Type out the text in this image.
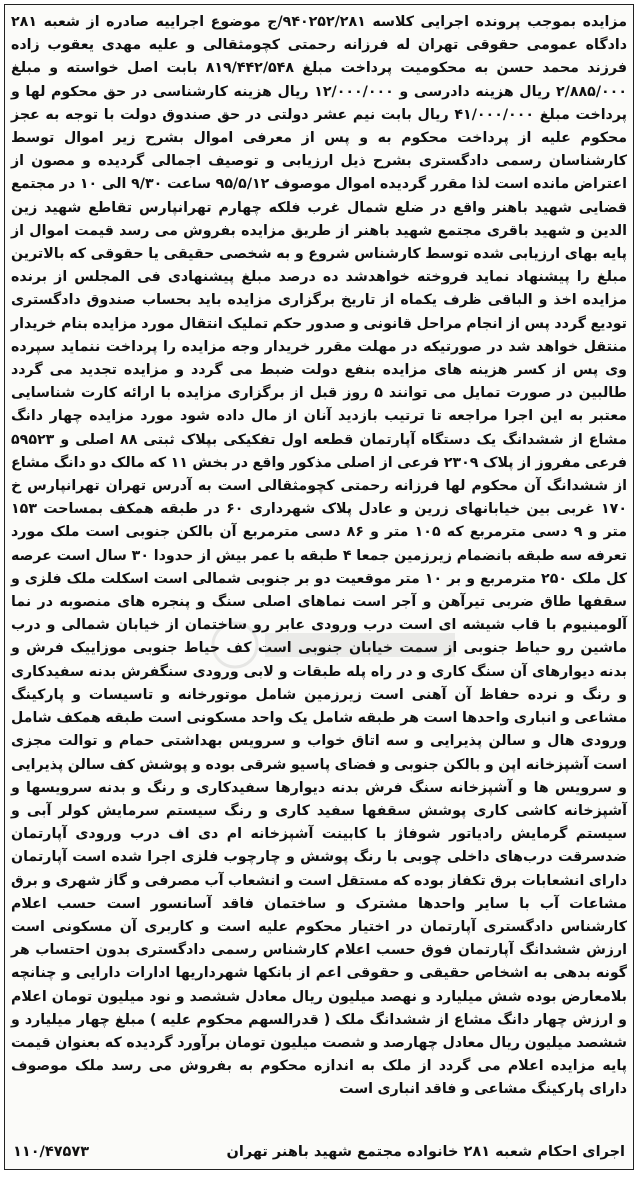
مزایده بموجب پرونده اجرایی کلاسه ۹۴۰۲۵۲/۲۸۱/ج موضوع اجراییه صادره از شعبه ۲۸۱ دادگاه عمومی حقوقی تهران له فرزانه رحمتی کچومثقالی و علیه مهدی یعقوب زاده فرزند محمد حسن به محکومیت پرداخت مبلغ ۸۱۹/۴۴۲/۵۴۸ بابت اصل خواسته و مبلغ ۲/۸۸۵/۰۰۰ ریال هزینه دادرسی و ۱۲/۰۰۰/۰۰۰ ریال هزینه کارشناسی در حق محکوم لها و پرداخت مبلغ ۴۱/۰۰۰/۰۰۰ ریال بابت نیم عشر دولتی در حق صندوق دولت با توجه به عجز محکوم علیه از پرداخت محکوم به و پس از معرفی اموال بشرح زیر اموال توسط کارشناسان رسمی دادگستری بشرح ذیل ارزیابی و توصیف اجمالی گردیده و مصون از اعتراض مانده است لذا مقرر گردیده اموال موصوف ۹۵/۵/۱۲ ساعت ۹/۳۰ الی ۱۰ در مجتمع قضایی شهید باهنر واقع در ضلع شمال غرب فلکه چهارم تهرانپارس تقاطع شهید زین الدین و شهید باقری مجتمع شهید باهنر از طریق مزایده بفروش می رسد قیمت اموال از پایه بهای ارزیابی شده توسط کارشناس شروع و به شخصی حقیقی یا حقوقی که بالاترین مبلغ را پیشنهاد نماید فروخته خواهدشد ده درصد مبلغ پیشنهادی فی المجلس از برنده مزایده اخذ و الباقی ظرف یکماه از تاریخ برگزاری مزایده باید بحساب صندوق دادگستری تودیع گردد پس از انجام مراحل قانونی و صدور حکم تملیک انتقال مورد مزایده بنام خریدار منتقل خواهد شد در صورتیکه در مهلت مقرر خریدار وجه مزایده را پرداخت ننماید سپرده وی پس از کسر هزینه های مزایده بنفع دولت ضبط می گردد و مزایده تجدید می گردد طالبین در صورت تمایل می توانند ۵ روز قبل از برگزاری مزایده با ارائه کارت شناسایی معتبر به این اجرا مراجعه تا ترتیب بازدید آنان از مال داده شود مورد مزایده چهار دانگ مشاع از ششدانگ یک دستگاه آپارتمان قطعه اول تفکیکی بپلاک ثبتی ۸۸ اصلی و ۵۹۵۲۳ فرعی مفروز از پلاک ۲۳۰۹ فرعی از اصلی مذکور واقع در بخش ۱۱ که مالک دو دانگ مشاع از ششدانگ آن محکوم لها فرزانه رحمتی کچومثقالی است به آدرس تهران تهرانپارس خ ۱۷۰ غربی بین خیابانهای زرین و عادل پلاک شهرداری ۶۰ در طبقه همکف بمساحت ۱۵۳ متر و ۹ دسی مترمربع که ۱۰۵ متر و ۸۶ دسی مترمربع آن بالکن جنوبی است ملک مورد تعرفه سه طبقه بانضمام زیرزمین جمعا ۴ طبقه با عمر بیش از حدودا ۳۰ سال است عرصه کل ملک ۲۵۰ مترمربع و بر ۱۰ متر موقعیت دو بر جنوبی شمالی است اسکلت ملک فلزی و سقفها طاق ضربی تیرآهن و آجر است نماهای اصلی سنگ و پنجره های منصوبه در نما آلومینیوم با قاب شیشه ای است درب ورودی عابر رو ساختمان از خیابان شمالی و درب ماشین رو حیاط جنوبی از سمت خیابان جنوبی است کف حیاط جنوبی موزاییک فرش و بدنه دیوارهای آن سنگ کاری و در راه پله طبقات و لابی ورودی سنگفرش بدنه سفیدکاری و رنگ و نرده حفاظ آن آهنی است زیرزمین شامل موتورخانه و تاسیسات و پارکینگ مشاعی و انباری واحدها است هر طبقه شامل یک واحد مسکونی است طبقه همکف شامل ورودی هال و سالن پذیرایی و سه اتاق خواب و سرویس بهداشتی حمام و توالت مجزی است آشپزخانه اپن و بالکن جنوبی و فضای پاسیو شرقی بوده و پوشش کف سالن پذیرایی و سرویس ها و آشپزخانه سنگ فرش بدنه دیوارها سفیدکاری و رنگ و بدنه سرویسها و آشپزخانه کاشی کاری پوشش سقفها سفید کاری و رنگ سیستم سرمایش کولر آبی و سیستم گرمایش رادیاتور شوفاژ با کابینت آشپزخانه ام دی اف درب ورودی آپارتمان ضدسرقت درب‌های داخلی چوبی با رنگ پوشش و چارچوب فلزی اجرا شده است آپارتمان دارای انشعابات برق تکفاز بوده که مستقل است و انشعاب آب مصرفی و گاز شهری و برق مشاعات آب با سایر واحدها مشترک و ساختمان فاقد آسانسور است حسب اعلام کارشناس دادگستری آپارتمان در اختیار محکوم علیه است و کاربری آن مسکونی است ارزش ششدانگ آپارتمان فوق حسب اعلام کارشناس رسمی دادگستری بدون احتساب هر گونه بدهی به اشخاص حقیقی و حقوقی اعم از بانکها شهرداریها ادارات دارایی و چنانچه بلامعارض بوده شش میلیارد و نهصد میلیون ریال معادل ششصد و نود میلیون تومان اعلام و ارزش چهار دانگ مشاع از ششدانگ ملک ( قدرالسهم محکوم علیه ) مبلغ چهار میلیارد و ششصد میلیون ریال معادل چهارصد و شصت میلیون تومان برآورد گردیده که بعنوان قیمت پایه مزایده اعلام می گردد از ملک به اندازه محکوم به بفروش می رسد ملک موصوف دارای پارکینگ مشاعی و فاقد انباری است

اجرای احکام شعبه ۲۸۱ خانواده مجتمع شهید باهنر تهران
۱۱۰/۴۷۵۷۳
